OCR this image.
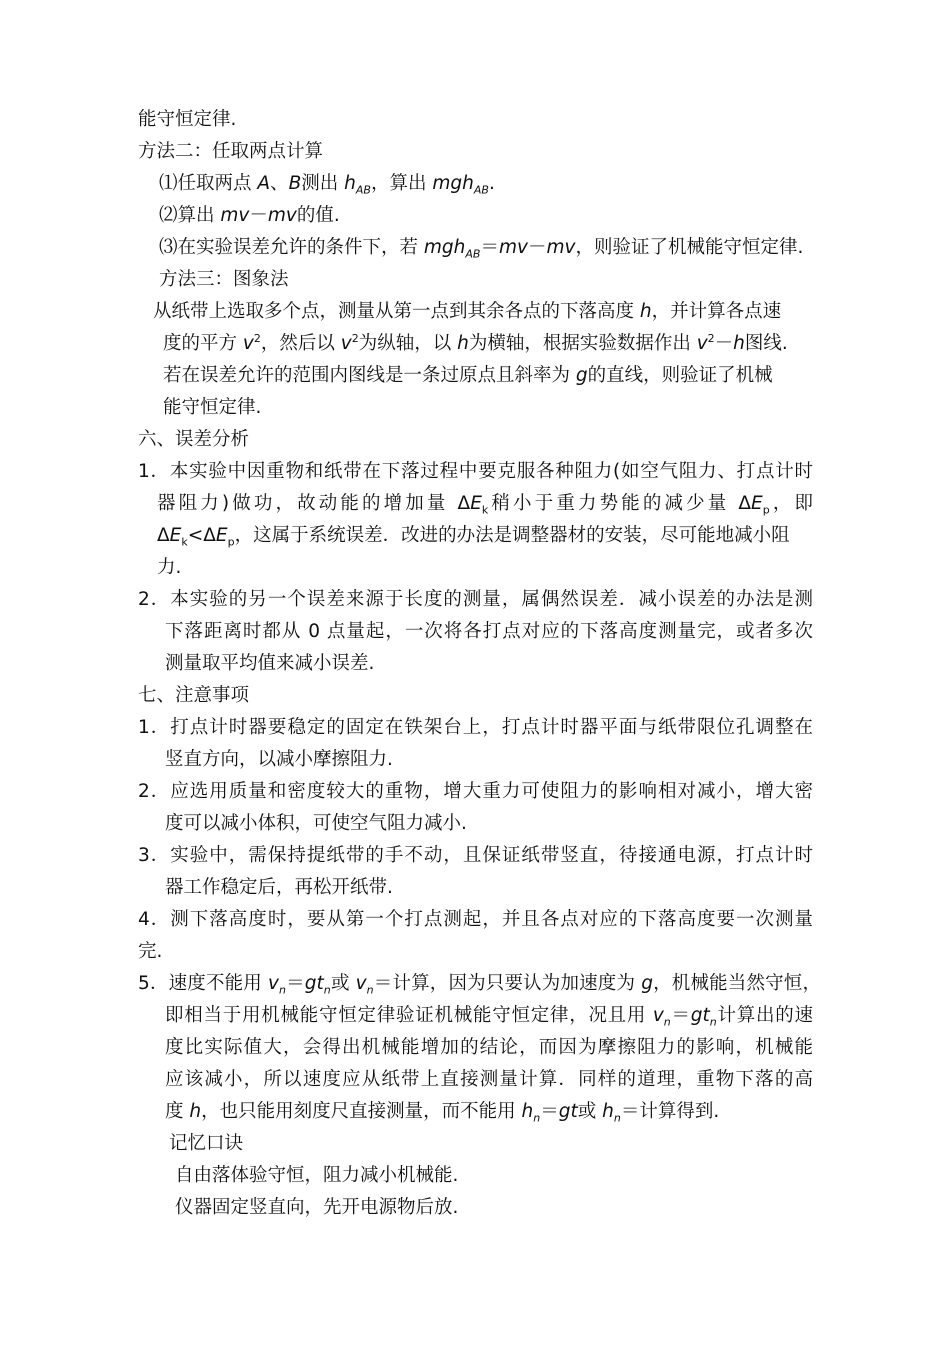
能守恒定律.
方法二：任取两点计算
⑴任取两点 A、B测出 $h_{AB}$，算出 mgh$_{AB}$.
⑵算出 mv－mv的值.
⑶在实验误差允许的条件下，若 mgh$_{AB}$＝mv－mv，则验证了机械能守恒定律.
方法三：图象法
从纸带上选取多个点，测量从第一点到其余各点的下落高度 h，并计算各点速
度的平方 $v^2$，然后以 $v^2$为纵轴，以 h为横轴，根据实验数据作出 $v^2-h$图线.
若在误差允许的范围内图线是一条过原点且斜率为 g的直线，则验证了机械
能守恒定律.
六、误差分析
1．本实验中因重物和纸带在下落过程中要克服各种阻力(如空气阻力、打点计时
器阻力)做功，故动能的增加量 $\Delta E_k$稍小于重力势能的减少量 $\Delta E_p$，即
$\Delta E_k<\Delta E_p$，这属于系统误差．改进的办法是调整器材的安装，尽可能地减小阻
力.
2．本实验的另一个误差来源于长度的测量，属偶然误差．减小误差的办法是测
下落距离时都从 0 点量起，一次将各打点对应的下落高度测量完，或者多次
测量取平均值来减小误差.
七、注意事项
1．打点计时器要稳定的固定在铁架台上，打点计时器平面与纸带限位孔调整在
竖直方向，以减小摩擦阻力.
2．应选用质量和密度较大的重物，增大重力可使阻力的影响相对减小，增大密
度可以减小体积，可使空气阻力减小.
3．实验中，需保持提纸带的手不动，且保证纸带竖直，待接通电源，打点计时
器工作稳定后，再松开纸带.
4．测下落高度时，要从第一个打点测起，并且各点对应的下落高度要一次测量
完.
5．速度不能用 $v_n=gt_n$或 $v_n=$计算，因为只要认为加速度为 g，机械能当然守恒，
即相当于用机械能守恒定律验证机械能守恒定律，况且用 $v_n=gt_n$计算出的速
度比实际值大，会得出机械能增加的结论，而因为摩擦阻力的影响，机械能
应该减小，所以速度应从纸带上直接测量计算．同样的道理，重物下落的高
度 h，也只能用刻度尺直接测量，而不能用 $h_n=gt$或 $h_n=$计算得到.
记忆口诀
自由落体验守恒，阻力减小机械能.
仪器固定竖直向，先开电源物后放.
